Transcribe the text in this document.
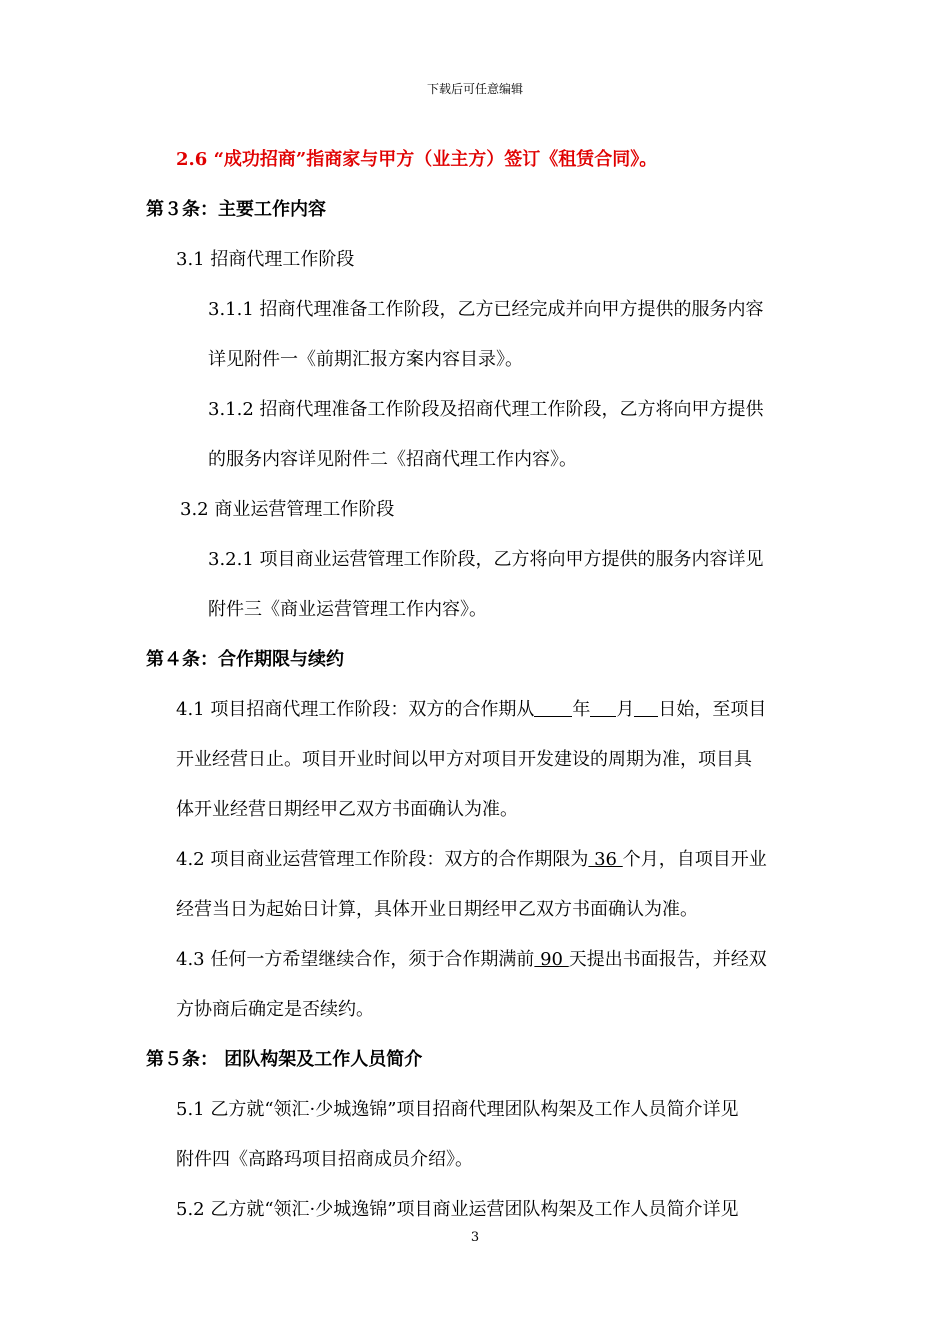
下载后可任意编辑
2.6 “成功招商”指商家与甲方（业主方）签订《租赁合同》。
第３条：主要工作内容
3.1 招商代理工作阶段
3.1.1 招商代理准备工作阶段，乙方已经完成并向甲方提供的服务内容
详见附件一《前期汇报方案内容目录》。
3.1.2 招商代理准备工作阶段及招商代理工作阶段，乙方将向甲方提供
的服务内容详见附件二《招商代理工作内容》。
3.2 商业运营管理工作阶段
3.2.1 项目商业运营管理工作阶段，乙方将向甲方提供的服务内容详见
附件三《商业运营管理工作内容》。
第４条：合作期限与续约
4.1 项目招商代理工作阶段：双方的合作期从 年 月 日始，至项目
开业经营日止。项目开业时间以甲方对项目开发建设的周期为准，项目具
体开业经营日期经甲乙双方书面确认为准。
4.2 项目商业运营管理工作阶段：双方的合作期限为 36 个月，自项目开业
经营当日为起始日计算，具体开业日期经甲乙双方书面确认为准。
4.3 任何一方希望继续合作，须于合作期满前 90 天提出书面报告，并经双
方协商后确定是否续约。
第５条： 团队构架及工作人员简介
5.1 乙方就“领汇·少城逸锦”项目招商代理团队构架及工作人员简介详见
附件四《高路玛项目招商成员介绍》。
5.2 乙方就“领汇·少城逸锦”项目商业运营团队构架及工作人员简介详见
3
